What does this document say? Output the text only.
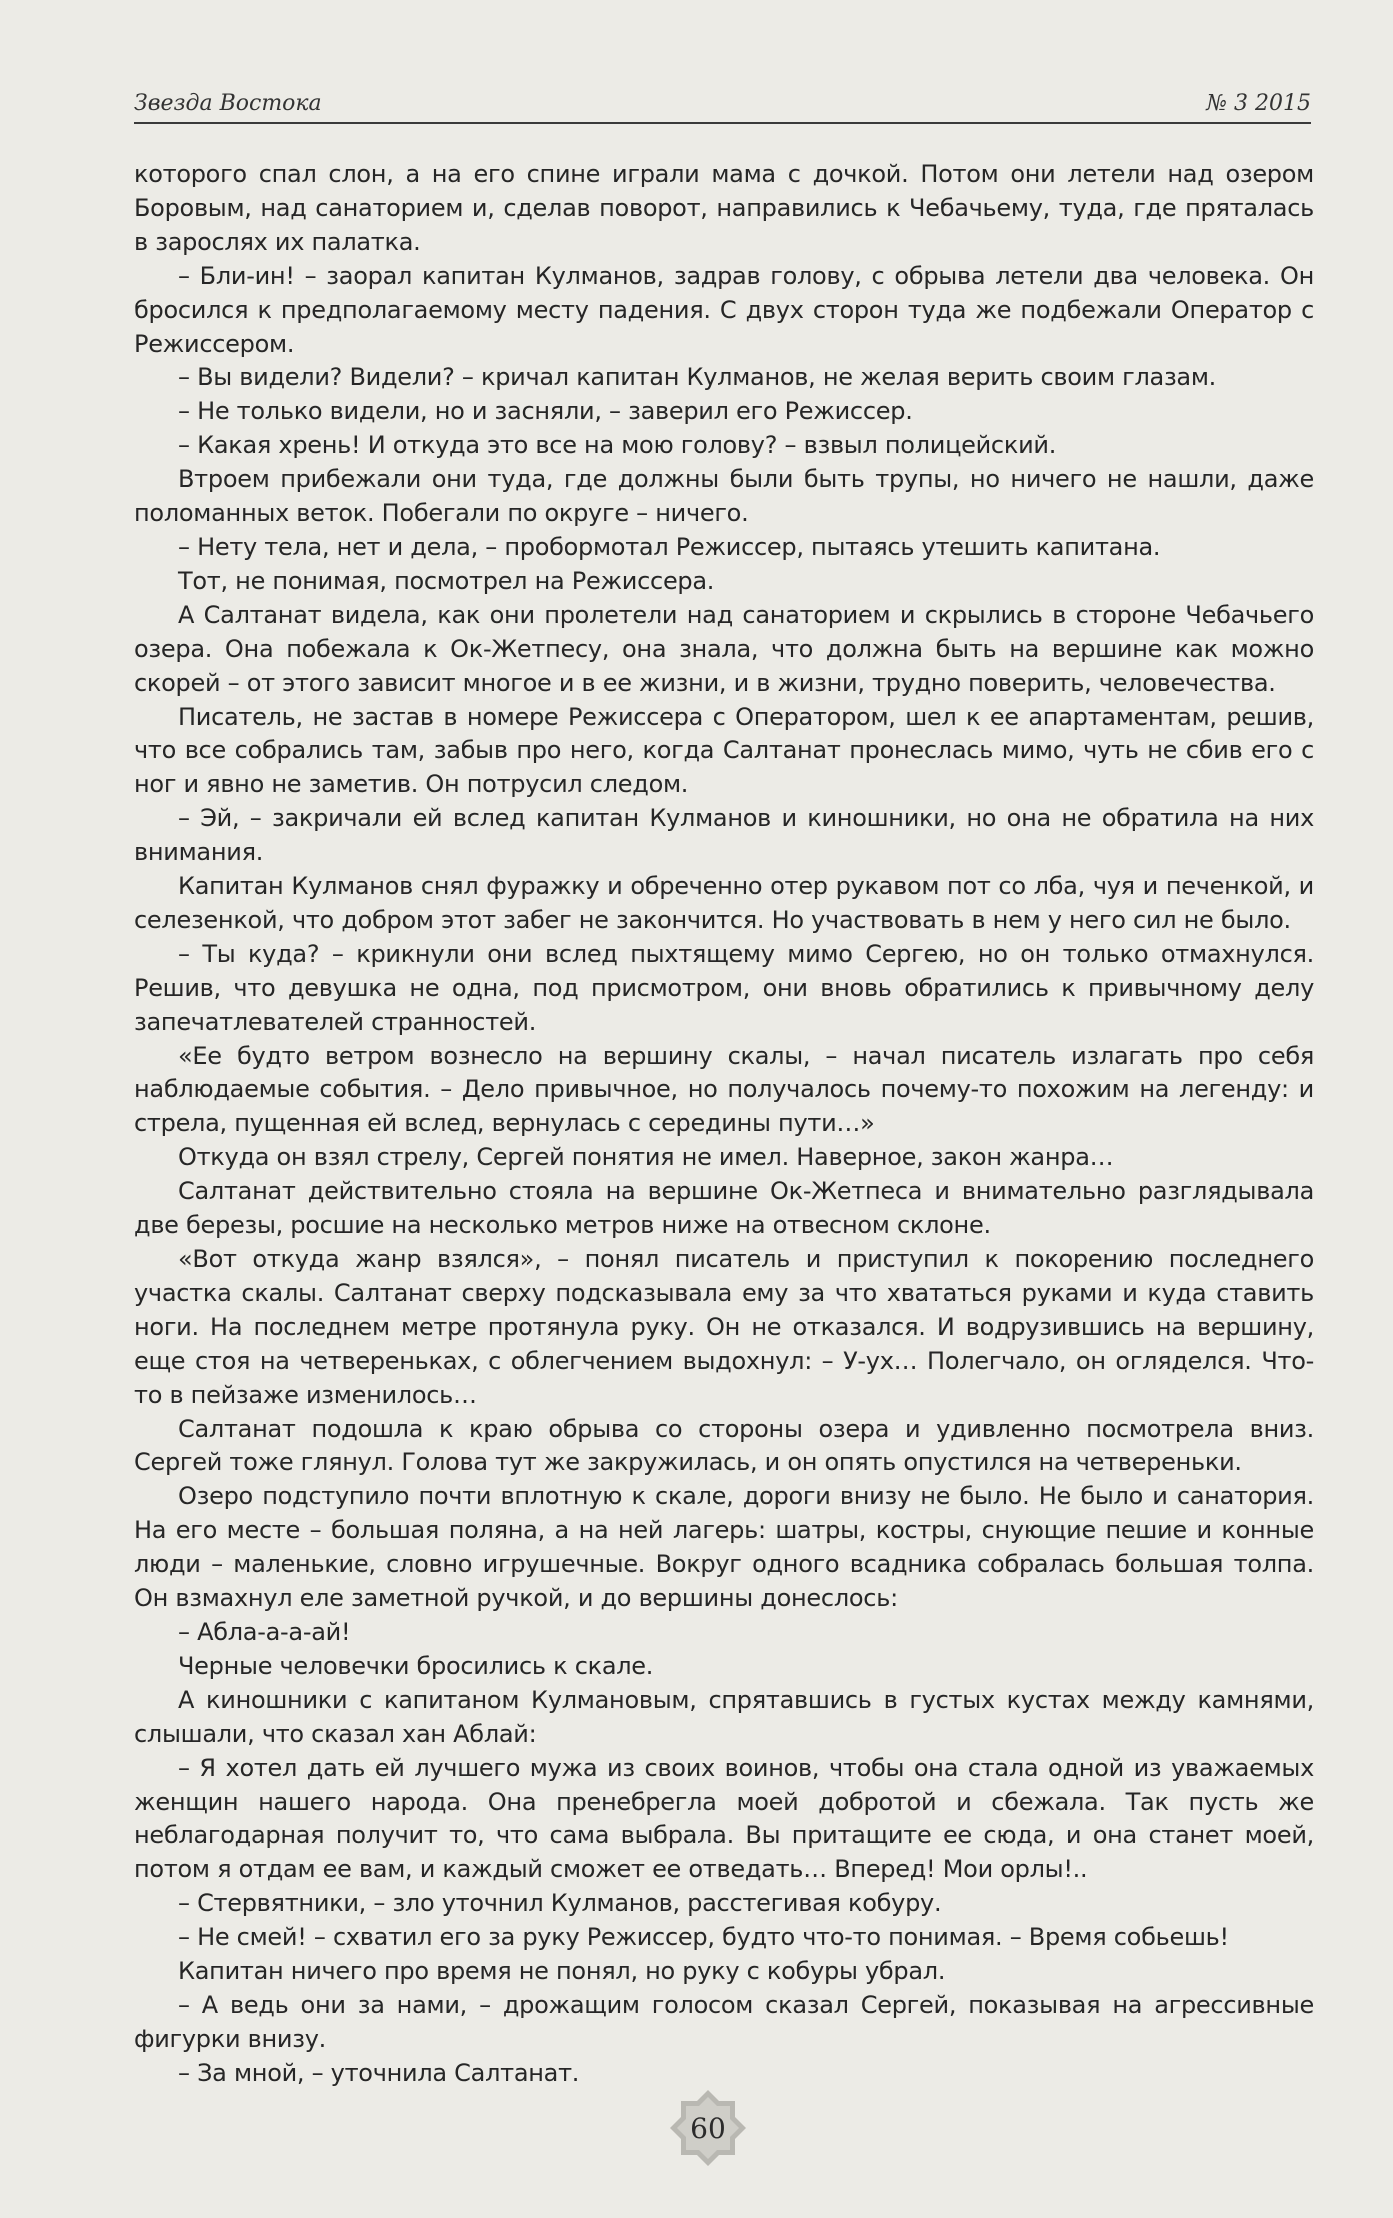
Звезда Востока	№ 3 2015

которого спал слон, а на его спине играли мама с дочкой. Потом они летели над озером Боровым, над санаторием и, сделав поворот, направились к Чебачьему, туда, где пряталась в зарослях их палатка.

– Бли-ин! – заорал капитан Кулманов, задрав голову, с обрыва летели два человека. Он бросился к предполагаемому месту падения. С двух сторон туда же подбежали Оператор с Режиссером.

– Вы видели? Видели? – кричал капитан Кулманов, не желая верить своим глазам.

– Не только видели, но и засняли, – заверил его Режиссер.

– Какая хрень! И откуда это все на мою голову? – взвыл полицейский.

Втроем прибежали они туда, где должны были быть трупы, но ничего не нашли, даже поломанных веток. Побегали по округе – ничего.

– Нету тела, нет и дела, – пробормотал Режиссер, пытаясь утешить капитана.

Тот, не понимая, посмотрел на Режиссера.

А Салтанат видела, как они пролетели над санаторием и скрылись в стороне Чебачьего озера. Она побежала к Ок-Жетпесу, она знала, что должна быть на вершине как можно скорей – от этого зависит многое и в ее жизни, и в жизни, трудно поверить, человечества.

Писатель, не застав в номере Режиссера с Оператором, шел к ее апартаментам, решив, что все собрались там, забыв про него, когда Салтанат пронеслась мимо, чуть не сбив его с ног и явно не заметив. Он потрусил следом.

– Эй, – закричали ей вслед капитан Кулманов и киношники, но она не обратила на них внимания.

Капитан Кулманов снял фуражку и обреченно отер рукавом пот со лба, чуя и печенкой, и селезенкой, что добром этот забег не закончится. Но участвовать в нем у него сил не было.

– Ты куда? – крикнули они вслед пыхтящему мимо Сергею, но он только отмахнулся. Решив, что девушка не одна, под присмотром, они вновь обратились к привычному делу запечатлевателей странностей.

«Ее будто ветром вознесло на вершину скалы, – начал писатель излагать про себя наблюдаемые события. – Дело привычное, но получалось почему-то похожим на легенду: и стрела, пущенная ей вслед, вернулась с середины пути…»

Откуда он взял стрелу, Сергей понятия не имел. Наверное, закон жанра…

Салтанат действительно стояла на вершине Ок-Жетпеса и внимательно разглядывала две березы, росшие на несколько метров ниже на отвесном склоне.

«Вот откуда жанр взялся», – понял писатель и приступил к покорению последнего участка скалы. Салтанат сверху подсказывала ему за что хвататься руками и куда ставить ноги. На последнем метре протянула руку. Он не отказался. И водрузившись на вершину, еще стоя на четвереньках, с облегчением выдохнул: – У-ух… Полегчало, он огляделся. Что-то в пейзаже изменилось…

Салтанат подошла к краю обрыва со стороны озера и удивленно посмотрела вниз. Сергей тоже глянул. Голова тут же закружилась, и он опять опустился на четвереньки.

Озеро подступило почти вплотную к скале, дороги внизу не было. Не было и санатория. На его месте – большая поляна, а на ней лагерь: шатры, костры, снующие пешие и конные люди – маленькие, словно игрушечные. Вокруг одного всадника собралась большая толпа. Он взмахнул еле заметной ручкой, и до вершины донеслось:

– Абла-а-а-ай!

Черные человечки бросились к скале.

А киношники с капитаном Кулмановым, спрятавшись в густых кустах между камнями, слышали, что сказал хан Аблай:

– Я хотел дать ей лучшего мужа из своих воинов, чтобы она стала одной из уважаемых женщин нашего народа. Она пренебрегла моей добротой и сбежала. Так пусть же неблагодарная получит то, что сама выбрала. Вы притащите ее сюда, и она станет моей, потом я отдам ее вам, и каждый сможет ее отведать… Вперед! Мои орлы!..

– Стервятники, – зло уточнил Кулманов, расстегивая кобуру.

– Не смей! – схватил его за руку Режиссер, будто что-то понимая. – Время собьешь!

Капитан ничего про время не понял, но руку с кобуры убрал.

– А ведь они за нами, – дрожащим голосом сказал Сергей, показывая на агрессивные фигурки внизу.

– За мной, – уточнила Салтанат.

60
